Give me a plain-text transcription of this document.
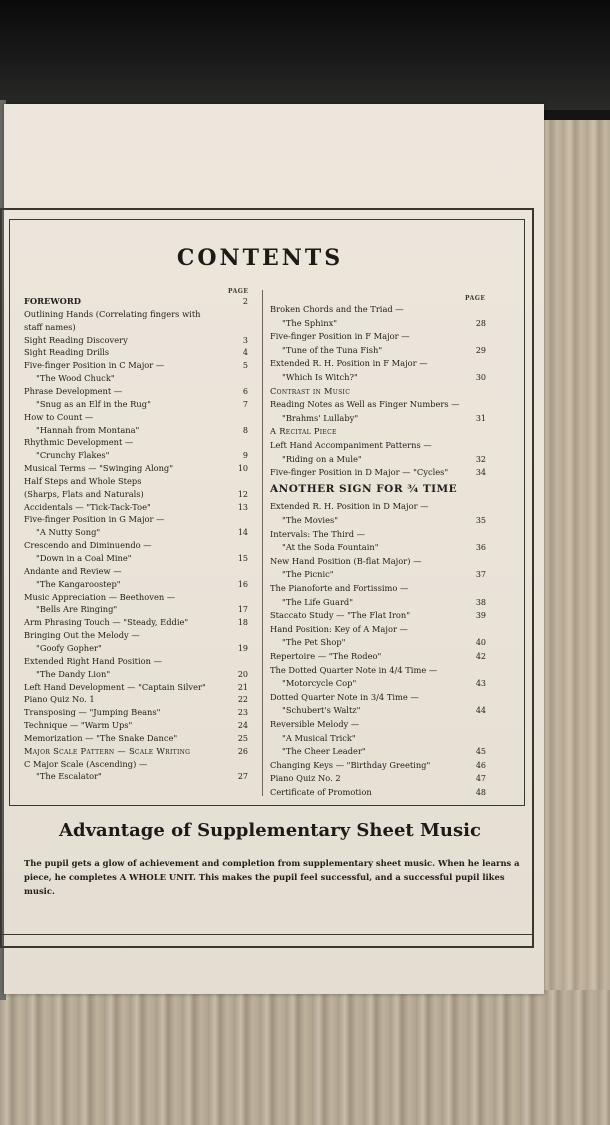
CONTENTS
PAGE
PAGE
FOREWORD	2
Outlining Hands (Correlating fingers with
staff names)
Sight Reading Discovery	3
Sight Reading Drills	4
Five-finger Position in C Major —	5
"The Wood Chuck"
Phrase Development —	6
"Snug as an Elf in the Rug"	7
How to Count —
"Hannah from Montana"	8
Rhythmic Development —
"Crunchy Flakes"	9
Musical Terms — "Swinging Along"	10
Half Steps and Whole Steps
(Sharps, Flats and Naturals)	12
Accidentals — "Tick-Tack-Toe"	13
Five-finger Position in G Major —
"A Nutty Song"	14
Crescendo and Diminuendo —
"Down in a Coal Mine"	15
Andante and Review —
"The Kangaroostep"	16
Music Appreciation — Beethoven —
"Bells Are Ringing"	17
Arm Phrasing Touch — "Steady, Eddie"	18
Bringing Out the Melody —
"Goofy Gopher"	19
Extended Right Hand Position —
"The Dandy Lion"	20
Left Hand Development — "Captain Silver"	21
Piano Quiz No. 1	22
Transposing — "Jumping Beans"	23
Technique — "Warm Ups"	24
Memorization — "The Snake Dance"	25
Major Scale Pattern — Scale Writing	26
C Major Scale (Ascending) —
"The Escalator"	27
Broken Chords and the Triad —
"The Sphinx"	28
Five-finger Position in F Major —
"Tune of the Tuna Fish"	29
Extended R. H. Position in F Major —
"Which Is Witch?"	30
Contrast in Music
Reading Notes as Well as Finger Numbers —
"Brahms' Lullaby"	31
A Recital Piece
Left Hand Accompaniment Patterns —
"Riding on a Mule"	32
Five-finger Position in D Major — "Cycles"	34
ANOTHER SIGN FOR ¾ TIME
Extended R. H. Position in D Major —
"The Movies"	35
Intervals: The Third —
"At the Soda Fountain"	36
New Hand Position (B-flat Major) —
"The Picnic"	37
The Pianoforte and Fortissimo —
"The Life Guard"	38
Staccato Study — "The Flat Iron"	39
Hand Position: Key of A Major —
"The Pet Shop"	40
Repertoire — "The Rodeo"	42
The Dotted Quarter Note in 4/4 Time —
"Motorcycle Cop"	43
Dotted Quarter Note in 3/4 Time —
"Schubert's Waltz"	44
Reversible Melody —
"A Musical Trick"
"The Cheer Leader"	45
Changing Keys — "Birthday Greeting"	46
Piano Quiz No. 2	47
Certificate of Promotion	48
Advantage of Supplementary Sheet Music
The pupil gets a glow of achievement and completion from supplementary sheet music. When he learns a piece, he completes A WHOLE UNIT. This makes the pupil feel successful, and a successful pupil likes music.
